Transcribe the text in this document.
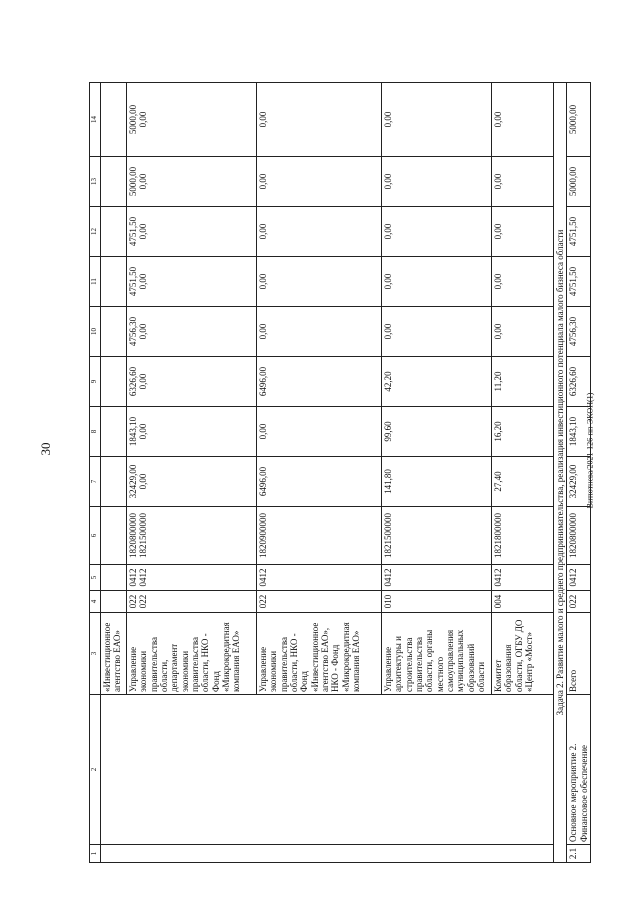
30	Витютнева/2021-126-пп-ЭКОН(1)
1	2	3	4	5	6	7	8	9	10	11	12	13	14
		«Инвестиционное агентство ЕАО»											
		Управление экономики правительства области, департамент экономики правительства области, НКО - Фонд «Микрокредитная компания ЕАО»	022 022	0412 0412	1820800000 1821500000	32429,00 0,00	1843,10 0,00	6326,60 0,00	4756,30 0,00	4751,50 0,00	4751,50 0,00	5000,00 0,00	5000,00 0,00

		Управление экономики правительства области, НКО - Фонд «Инвестиционное агентство ЕАО», НКО - Фонд «Микрокредитная компания ЕАО»	022	0412	1820900000	6496,00	0,00	6496,00	0,00	0,00	0,00	0,00	0,00
		Управление архитектуры и строительства правительства области, органы местного самоуправления муниципальных образований области	010	0412	1821500000	141,80	99,60	42,20	0,00	0,00	0,00	0,00	0,00
		Комитет образования области, ОГБУ ДО «Центр «Мост»	004	0412	1821800000	27,40	16,20	11,20	0,00	0,00	0,00	0,00	0,00
Задача 2. Развитие малого и среднего предпринимательства, реализация инвестиционного потенциала малого бизнеса области													
2.1	Основное мероприятие 2. Финансовое обеспечение	Всего	022	0412	1820800000	32429,00	1843,10	6326,60	4756,30	4751,50	4751,50	5000,00	5000,00
